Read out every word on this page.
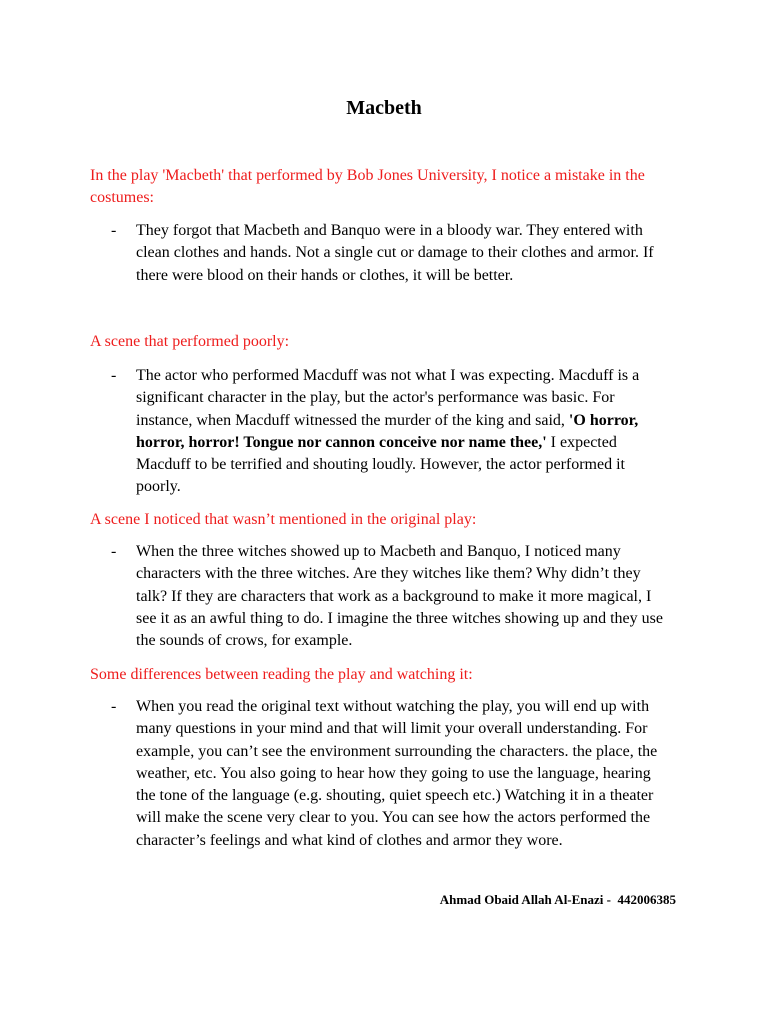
Macbeth
In the play 'Macbeth' that performed by Bob Jones University, I notice a mistake in the costumes:
-	They forgot that Macbeth and Banquo were in a bloody war. They entered with clean clothes and hands. Not a single cut or damage to their clothes and armor. If there were blood on their hands or clothes, it will be better.
A scene that performed poorly:
-	The actor who performed Macduff was not what I was expecting. Macduff is a significant character in the play, but the actor's performance was basic. For instance, when Macduff witnessed the murder of the king and said, 'O horror, horror, horror! Tongue nor cannon conceive nor name thee,' I expected Macduff to be terrified and shouting loudly. However, the actor performed it poorly.
A scene I noticed that wasn’t mentioned in the original play:
-	When the three witches showed up to Macbeth and Banquo, I noticed many characters with the three witches. Are they witches like them? Why didn’t they talk? If they are characters that work as a background to make it more magical, I see it as an awful thing to do. I imagine the three witches showing up and they use the sounds of crows, for example.
Some differences between reading the play and watching it:
-	When you read the original text without watching the play, you will end up with many questions in your mind and that will limit your overall understanding. For example, you can’t see the environment surrounding the characters. the place, the weather, etc. You also going to hear how they going to use the language, hearing the tone of the language (e.g. shouting, quiet speech etc.) Watching it in a theater will make the scene very clear to you. You can see how the actors performed the character’s feelings and what kind of clothes and armor they wore.
Ahmad Obaid Allah Al-Enazi -  442006385
